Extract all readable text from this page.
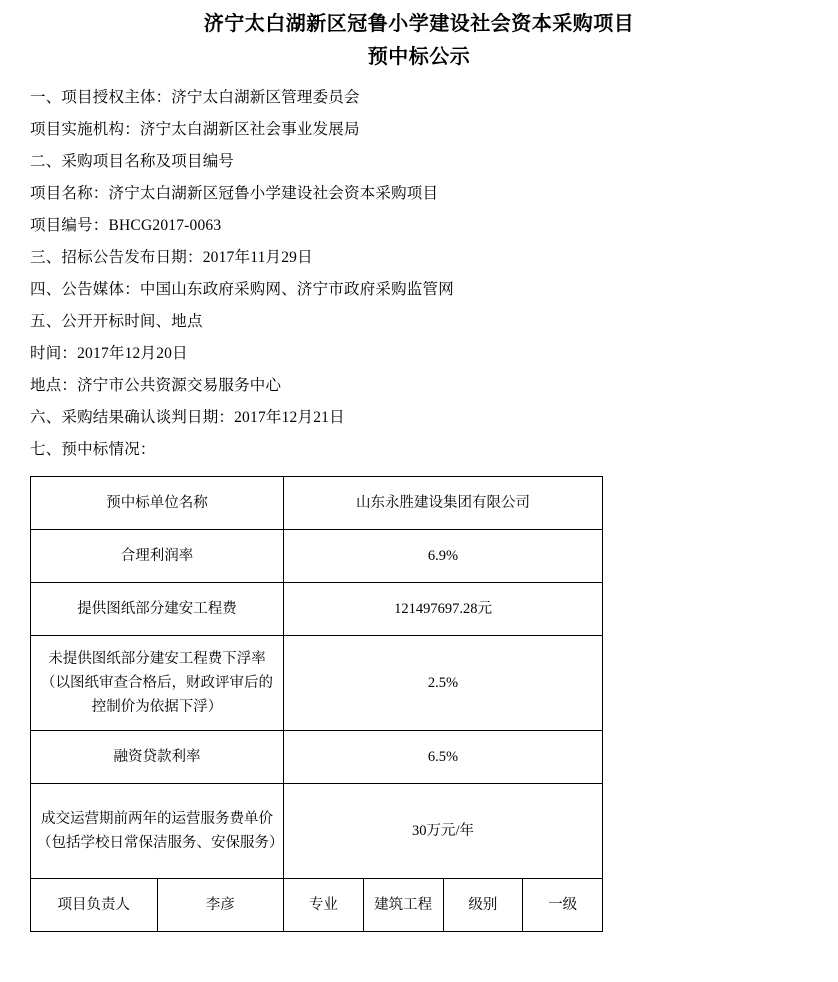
济宁太白湖新区冠鲁小学建设社会资本采购项目
预中标公示

一、项目授权主体：济宁太白湖新区管理委员会

项目实施机构：济宁太白湖新区社会事业发展局

二、采购项目名称及项目编号

项目名称：济宁太白湖新区冠鲁小学建设社会资本采购项目

项目编号：BHCG2017-0063

三、招标公告发布日期：2017年11月29日

四、公告媒体：中国山东政府采购网、济宁市政府采购监管网

五、公开开标时间、地点

时间：2017年12月20日

地点：济宁市公共资源交易服务中心

六、采购结果确认谈判日期：2017年12月21日

七、预中标情况：

预中标单位名称		山东永胜建设集团有限公司			
合理利润率		6.9%			
提供图纸部分建安工程费		121497697.28元			
未提供图纸部分建安工程费下浮率（以图纸审查合格后，财政评审后的控制价为依据下浮）		2.5%			
融资贷款利率		6.5%			
成交运营期前两年的运营服务费单价（包括学校日常保洁服务、安保服务）		30万元/年			
项目负责人	李彦	专业	建筑工程	级别	一级
